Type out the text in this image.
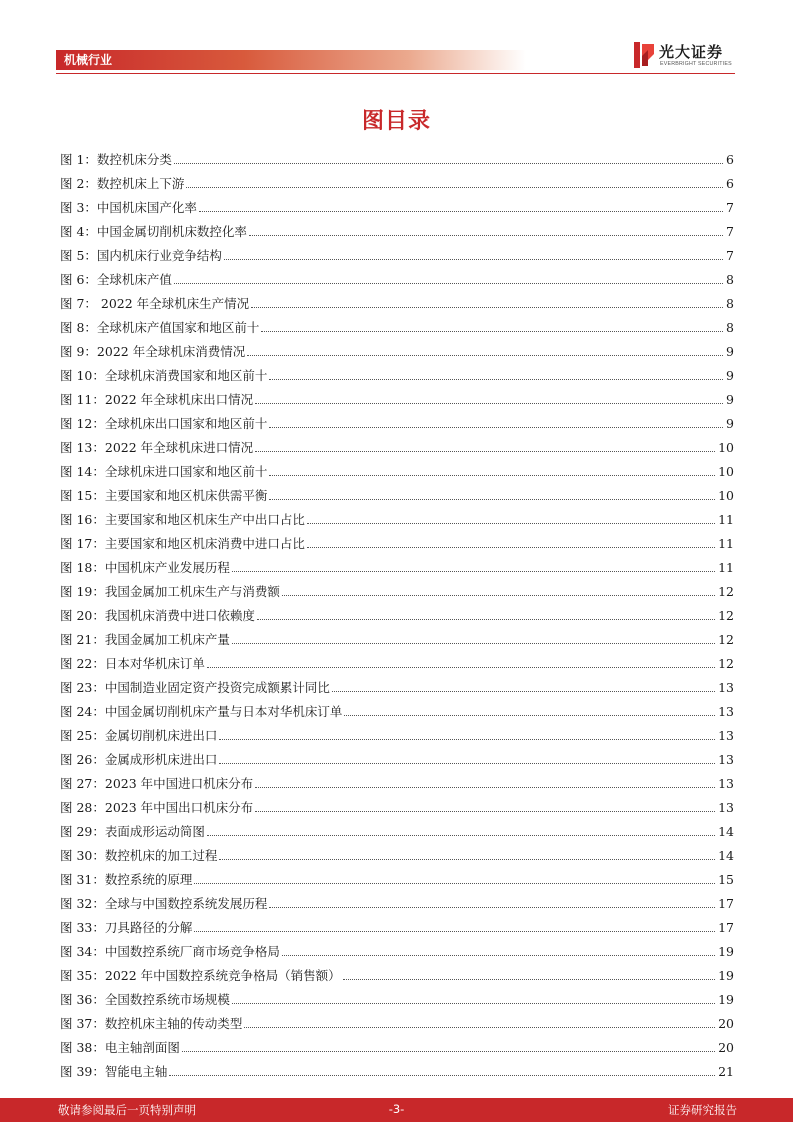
机械行业	光大证券
EVERBRIGHT SECURITIES
图目录
图 1：数控机床分类	6
图 2：数控机床上下游	6
图 3：中国机床国产化率	7
图 4：中国金属切削机床数控化率	7
图 5：国内机床行业竞争结构	7
图 6：全球机床产值	8
图 7： 2022 年全球机床生产情况	8
图 8：全球机床产值国家和地区前十	8
图 9：2022 年全球机床消费情况	9
图 10：全球机床消费国家和地区前十	9
图 11：2022 年全球机床出口情况	9
图 12：全球机床出口国家和地区前十	9
图 13：2022 年全球机床进口情况	10
图 14：全球机床进口国家和地区前十	10
图 15：主要国家和地区机床供需平衡	10
图 16：主要国家和地区机床生产中出口占比	11
图 17：主要国家和地区机床消费中进口占比	11
图 18：中国机床产业发展历程	11
图 19：我国金属加工机床生产与消费额	12
图 20：我国机床消费中进口依赖度	12
图 21：我国金属加工机床产量	12
图 22：日本对华机床订单	12
图 23：中国制造业固定资产投资完成额累计同比	13
图 24：中国金属切削机床产量与日本对华机床订单	13
图 25：金属切削机床进出口	13
图 26：金属成形机床进出口	13
图 27：2023 年中国进口机床分布	13
图 28：2023 年中国出口机床分布	13
图 29：表面成形运动简图	14
图 30：数控机床的加工过程	14
图 31：数控系统的原理	15
图 32：全球与中国数控系统发展历程	17
图 33：刀具路径的分解	17
图 34：中国数控系统厂商市场竞争格局	19
图 35：2022 年中国数控系统竞争格局（销售额）	19
图 36：全国数控系统市场规模	19
图 37：数控机床主轴的传动类型	20
图 38：电主轴剖面图	20
图 39：智能电主轴	21
敬请参阅最后一页特别声明	-3-	证券研究报告
